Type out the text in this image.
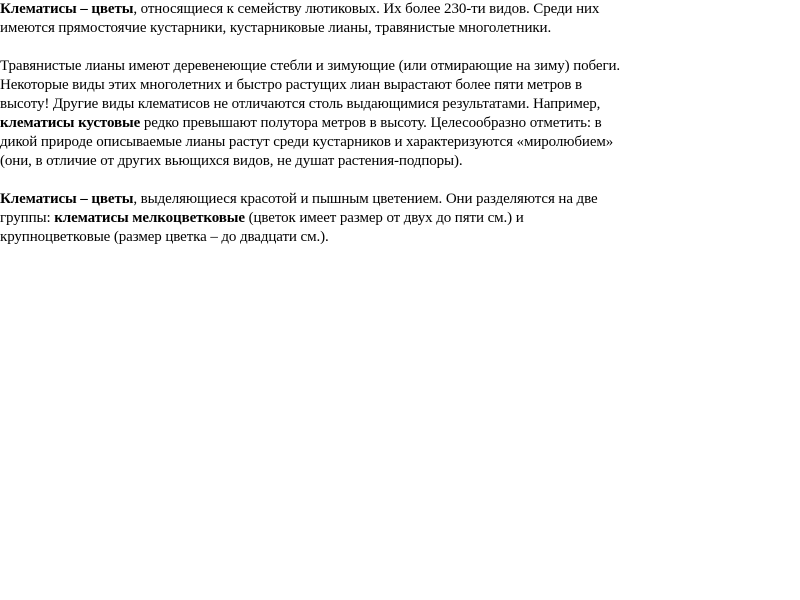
Клематисы – цветы, относящиеся к семейству лютиковых. Их более 230-ти видов. Среди них имеются прямостоячие кустарники, кустарниковые лианы, травянистые многолетники.

Травянистые лианы имеют деревенеющие стебли и зимующие (или отмирающие на зиму) побеги. Некоторые виды этих многолетних и быстро растущих лиан вырастают более пяти метров в высоту! Другие виды клематисов не отличаются столь выдающимися результатами. Например, клематисы кустовые редко превышают полутора метров в высоту. Целесообразно отметить: в дикой природе описываемые лианы растут среди кустарников и характеризуются «миролюбием» (они, в отличие от других вьющихся видов, не душат растения-подпоры).

Клематисы – цветы, выделяющиеся красотой и пышным цветением. Они разделяются на две группы: клематисы мелкоцветковые (цветок имеет размер от двух до пяти см.) и крупноцветковые (размер цветка – до двадцати см.).
